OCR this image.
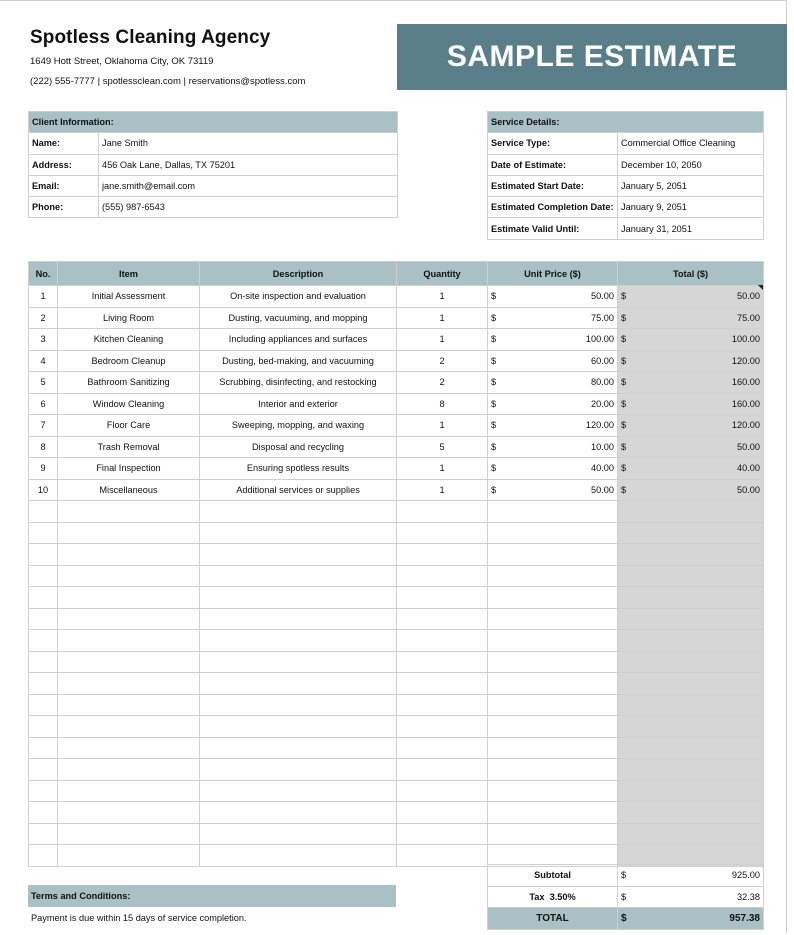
Spotless Cleaning Agency
1649 Hott Street, Oklahoma City, OK 73119
(222) 555-7777 | spotlessclean.com | reservations@spotless.com
SAMPLE ESTIMATE
Client Information:	
Name:	Jane Smith
Address:	456 Oak Lane, Dallas, TX 75201
Email:	jane.smith@email.com
Phone:	(555) 987-6543
Service Details:	
Service Type:	Commercial Office Cleaning
Date of Estimate:	December 10, 2050
Estimated Start Date:	January 5, 2051
Estimated Completion Date:	January 9, 2051
Estimate Valid Until:	January 31, 2051
No.	Item	Description	Quantity	Unit Price ($)		Total ($)	
1	Initial Assessment	On-site inspection and evaluation	1	$	50.00	$	50.00
2	Living Room	Dusting, vacuuming, and mopping	1	$	75.00	$	75.00
3	Kitchen Cleaning	Including appliances and surfaces	1	$	100.00	$	100.00
4	Bedroom Cleanup	Dusting, bed-making, and vacuuming	2	$	60.00	$	120.00
5	Bathroom Sanitizing	Scrubbing, disinfecting, and restocking	2	$	80.00	$	160.00
6	Window Cleaning	Interior and exterior	8	$	20.00	$	160.00
7	Floor Care	Sweeping, mopping, and waxing	1	$	120.00	$	120.00
8	Trash Removal	Disposal and recycling	5	$	10.00	$	50.00
9	Final Inspection	Ensuring spotless results	1	$	40.00	$	40.00
10	Miscellaneous	Additional services or supplies	1	$	50.00	$	50.00

Terms and Conditions:
Payment is due within 15 days of service completion.
Subtotal	$	925.00
Tax  3.50%	$	32.38
TOTAL	$	957.38
